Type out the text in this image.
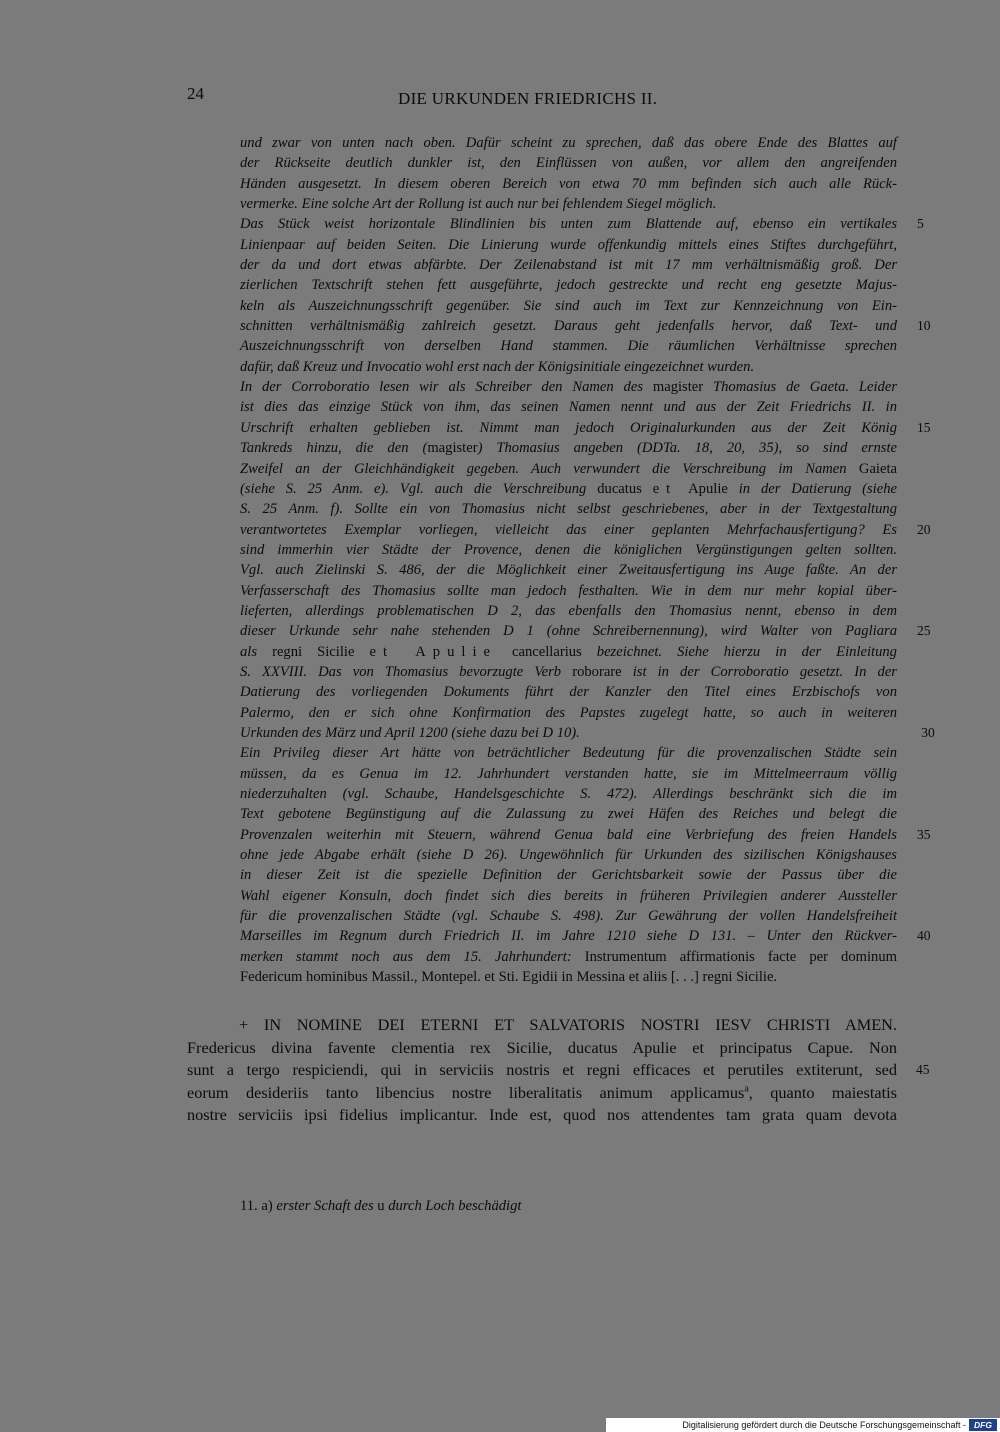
24	DIE URKUNDEN FRIEDRICHS II.
und zwar von unten nach oben. Dafür scheint zu sprechen, daß das obere Ende des Blattes auf
der Rückseite deutlich dunkler ist, den Einflüssen von außen, vor allem den angreifenden
Händen ausgesetzt. In diesem oberen Bereich von etwa 70 mm befinden sich auch alle Rück-
vermerke. Eine solche Art der Rollung ist auch nur bei fehlendem Siegel möglich.
Das Stück weist horizontale Blindlinien bis unten zum Blattende auf, ebenso ein vertikales 5
Linienpaar auf beiden Seiten. Die Linierung wurde offenkundig mittels eines Stiftes durchgeführt,
der da und dort etwas abfärbte. Der Zeilenabstand ist mit 17 mm verhältnismäßig groß. Der
zierlichen Textschrift stehen fett ausgeführte, jedoch gestreckte und recht eng gesetzte Majus-
keln als Auszeichnungsschrift gegenüber. Sie sind auch im Text zur Kennzeichnung von Ein-
schnitten verhältnismäßig zahlreich gesetzt. Daraus geht jedenfalls hervor, daß Text- und 10
Auszeichnungsschrift von derselben Hand stammen. Die räumlichen Verhältnisse sprechen
dafür, daß Kreuz und Invocatio wohl erst nach der Königsinitiale eingezeichnet wurden.
In der Corroboratio lesen wir als Schreiber den Namen des magister Thomasius de Gaeta. Leider
ist dies das einzige Stück von ihm, das seinen Namen nennt und aus der Zeit Friedrichs II. in
Urschrift erhalten geblieben ist. Nimmt man jedoch Originalurkunden aus der Zeit König 15
Tankreds hinzu, die den (magister) Thomasius angeben (DDTa. 18, 20, 35), so sind ernste
Zweifel an der Gleichhändigkeit gegeben. Auch verwundert die Verschreibung im Namen Gaieta
(siehe S. 25 Anm. e). Vgl. auch die Verschreibung ducatus et Apulie in der Datierung (siehe
S. 25 Anm. f). Sollte ein von Thomasius nicht selbst geschriebenes, aber in der Textgestaltung
verantwortetes Exemplar vorliegen, vielleicht das einer geplanten Mehrfachausfertigung? Es 20
sind immerhin vier Städte der Provence, denen die königlichen Vergünstigungen gelten sollten.
Vgl. auch Zielinski S. 486, der die Möglichkeit einer Zweitausfertigung ins Auge faßte. An der
Verfasserschaft des Thomasius sollte man jedoch festhalten. Wie in dem nur mehr kopial über-
lieferten, allerdings problematischen D 2, das ebenfalls den Thomasius nennt, ebenso in dem
dieser Urkunde sehr nahe stehenden D 1 (ohne Schreibernennung), wird Walter von Pagliara 25
als regni Sicilie et Apulie cancellarius bezeichnet. Siehe hierzu in der Einleitung
S. XXVIII. Das von Thomasius bevorzugte Verb roborare ist in der Corroboratio gesetzt. In der
Datierung des vorliegenden Dokuments führt der Kanzler den Titel eines Erzbischofs von
Palermo, den er sich ohne Konfirmation des Papstes zugelegt hatte, so auch in weiteren
Urkunden des März und April 1200 (siehe dazu bei D 10).	30
Ein Privileg dieser Art hätte von beträchtlicher Bedeutung für die provenzalischen Städte sein
müssen, da es Genua im 12. Jahrhundert verstanden hatte, sie im Mittelmeerraum völlig
niederzuhalten (vgl. Schaube, Handelsgeschichte S. 472). Allerdings beschränkt sich die im
Text gebotene Begünstigung auf die Zulassung zu zwei Häfen des Reiches und belegt die
Provenzalen weiterhin mit Steuern, während Genua bald eine Verbriefung des freien Handels 35
ohne jede Abgabe erhält (siehe D 26). Ungewöhnlich für Urkunden des sizilischen Königshauses
in dieser Zeit ist die spezielle Definition der Gerichtsbarkeit sowie der Passus über die
Wahl eigener Konsuln, doch findet sich dies bereits in früheren Privilegien anderer Aussteller
für die provenzalischen Städte (vgl. Schaube S. 498). Zur Gewährung der vollen Handelsfreiheit
Marseilles im Regnum durch Friedrich II. im Jahre 1210 siehe D 131. – Unter den Rückver- 40
merken stammt noch aus dem 15. Jahrhundert: Instrumentum affirmationis facte per dominum
Federicum hominibus Massil., Montepel. et Sti. Egidii in Messina et aliis [. . .] regni Sicilie.
+ IN NOMINE DEI ETERNI ET SALVATORIS NOSTRI IESV CHRISTI AMEN.
Fredericus divina favente clementia rex Sicilie, ducatus Apulie et principatus Capue. Non
sunt a tergo respiciendi, qui in serviciis nostris et regni efficaces et perutiles extiterunt, sed 45
eorum desideriis tanto libencius nostre liberalitatis animum applicamus$^a$, quanto maiestatis
nostre serviciis ipsi fidelius implicantur. Inde est, quod nos attendentes tam grata quam devota
11. a) erster Schaft des u durch Loch beschädigt
Digitalisierung gefördert durch die Deutsche Forschungsgemeinschaft - DFG
